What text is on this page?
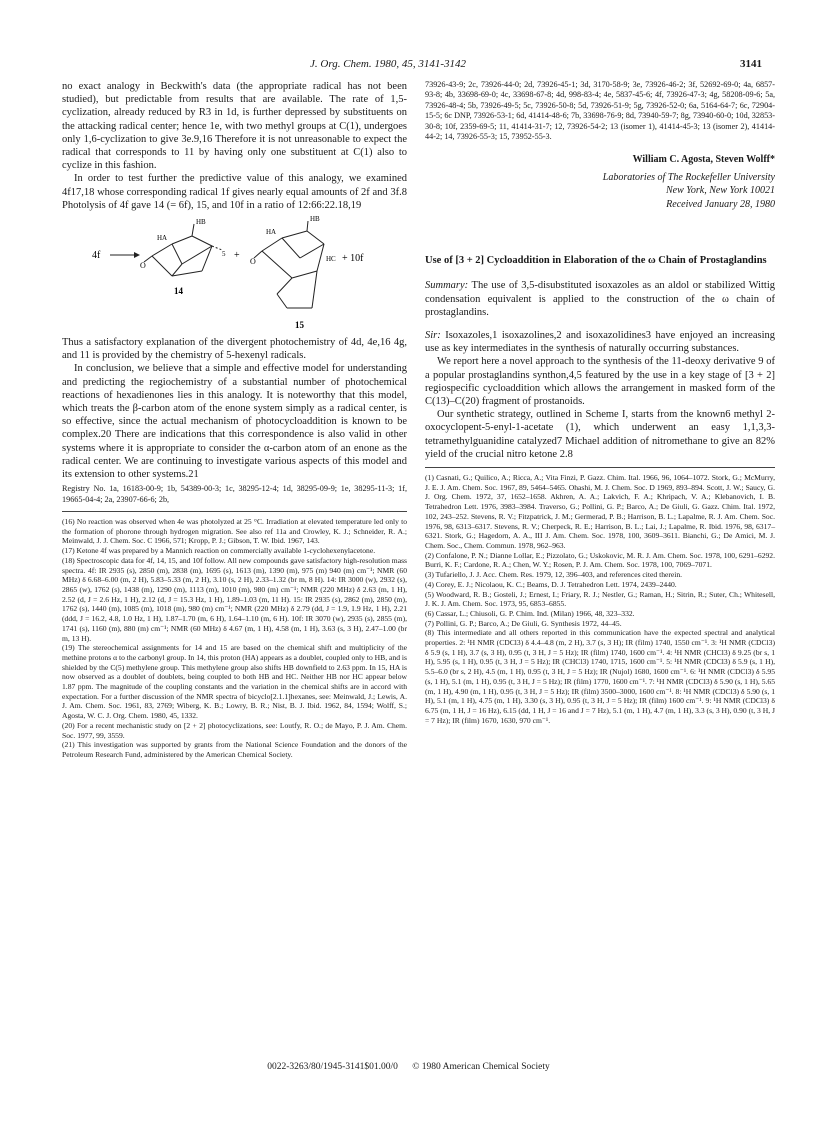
J. Org. Chem. 1980, 45, 3141-3142	3141

no exact analogy in Beckwith's data (the appropriate radical has not been studied), but predictable from results that are available. The rate of 1,5-cyclization, already reduced by R3 in 1d, is further depressed by substituents on the attacking radical center; hence 1e, with two methyl groups at C(1), undergoes only 1,6-cyclization to give 3e.9,16 Therefore it is not unreasonable to expect the radical that corresponds to 11 by having only one substituent at C(1) also to cyclize in this fashion.

In order to test further the predictive value of this analogy, we examined 4f17,18 whose corresponding radical 1f gives nearly equal amounts of 2f and 3f.8 Photolysis of 4f gave 14 (= 6f), 15, and 10f in a ratio of 12:66:22.18,19

4f
O
HA
HB
5
14
+
O
HA
HB
HC + 10f
15

Thus a satisfactory explanation of the divergent photochemistry of 4d, 4e,16 4g, and 11 is provided by the chemistry of 5-hexenyl radicals.

In conclusion, we believe that a simple and effective model for understanding and predicting the regiochemistry of a substantial number of photochemical reactions of hexadienones lies in this analogy. It is noteworthy that this model, which treats the β-carbon atom of the enone system simply as a radical center, is so effective, since the actual mechanism of photocycloaddition is known to be complex.20 There are indications that this correspondence is also valid in other systems where it is appropriate to consider the α-carbon atom of an enone as the radical center. We are continuing to investigate various aspects of this model and its extension to other systems.21

Registry No. 1a, 16183-00-9; 1b, 54389-00-3; 1c, 38295-12-4; 1d, 38295-09-9; 1e, 38295-11-3; 1f, 19665-04-4; 2a, 23907-66-6; 2b,

(16) No reaction was observed when 4e was photolyzed at 25 °C. Irradiation at elevated temperature led only to the formation of phorone through hydrogen migration. See also ref 11a and Crowley, K. J.; Schneider, R. A.; Meinwald, J. J. Chem. Soc. C 1966, 571; Kropp, P. J.; Gibson, T. W. Ibid. 1967, 143.

(17) Ketone 4f was prepared by a Mannich reaction on commercially available 1-cyclohexenylacetone.

(18) Spectroscopic data for 4f, 14, 15, and 10f follow. All new compounds gave satisfactory high-resolution mass spectra. 4f: IR 2935 (s), 2850 (m), 2838 (m), 1695 (s), 1613 (m), 1390 (m), 975 (m) 940 (m) cm⁻¹; NMR (60 MHz) δ 6.68–6.00 (m, 2 H), 5.83–5.33 (m, 2 H), 3.10 (s, 2 H), 2.33–1.32 (br m, 8 H). 14: IR 3000 (w), 2932 (s), 2865 (w), 1762 (s), 1438 (m), 1290 (m), 1113 (m), 1010 (m), 980 (m) cm⁻¹; NMR (220 MHz) δ 2.63 (m, 1 H), 2.52 (d, J = 2.6 Hz, 1 H), 2.12 (d, J = 15.3 Hz, 1 H), 1.89–1.03 (m, 11 H). 15: IR 2935 (s), 2862 (m), 2850 (m), 1762 (s), 1440 (m), 1085 (m), 1018 (m), 980 (m) cm⁻¹; NMR (220 MHz) δ 2.79 (dd, J = 1.9, 1.9 Hz, 1 H), 2.21 (ddd, J = 16.2, 4.8, 1.0 Hz, 1 H), 1.87–1.70 (m, 6 H), 1.64–1.10 (m, 6 H). 10f: IR 3070 (w), 2935 (s), 2855 (m), 1741 (s), 1160 (m), 880 (m) cm⁻¹; NMR (60 MHz) δ 4.67 (m, 1 H), 4.58 (m, 1 H), 3.63 (s, 3 H), 2.47–1.00 (br m, 13 H).

(19) The stereochemical assignments for 14 and 15 are based on the chemical shift and multiplicity of the methine protons α to the carbonyl group. In 14, this proton (HA) appears as a doublet, coupled only to HB, and is shielded by the C(5) methylene group. This methylene group also shifts HB downfield to 2.63 ppm. In 15, HA is now observed as a doublet of doublets, being coupled to both HB and HC. Neither HB nor HC appear below 1.87 ppm. The magnitude of the coupling constants and the variation in the chemical shifts are in accord with expectation. For a further discussion of the NMR spectra of bicyclo[2.1.1]hexanes, see: Meinwald, J.; Lewis, A. J. Am. Chem. Soc. 1961, 83, 2769; Wiberg, K. B.; Lowry, B. R.; Nist, B. J. Ibid. 1962, 84, 1594; Wolff, S.; Agosta, W. C. J. Org. Chem. 1980, 45, 1332.

(20) For a recent mechanistic study on [2 + 2] photocyclizations, see: Loutfy, R. O.; de Mayo, P. J. Am. Chem. Soc. 1977, 99, 3559.

(21) This investigation was supported by grants from the National Science Foundation and the donors of the Petroleum Research Fund, administered by the American Chemical Society.

73926-43-9; 2c, 73926-44-0; 2d, 73926-45-1; 3d, 3170-58-9; 3e, 73926-46-2; 3f, 52692-69-0; 4a, 6857-93-8; 4b, 33698-69-0; 4c, 33698-67-8; 4d, 998-83-4; 4e, 5837-45-6; 4f, 73926-47-3; 4g, 58208-09-6; 5a, 73926-48-4; 5b, 73926-49-5; 5c, 73926-50-8; 5d, 73926-51-9; 5g, 73926-52-0; 6a, 5164-64-7; 6c, 72904-15-5; 6c DNP, 73926-53-1; 6d, 41414-48-6; 7b, 33698-76-9; 8d, 73940-59-7; 8g, 73940-60-0; 10d, 32853-30-8; 10f, 2359-69-5; 11, 41414-31-7; 12, 73926-54-2; 13 (isomer 1), 41414-45-3; 13 (isomer 2), 41414-44-2; 14, 73926-55-3; 15, 73952-55-3.

William C. Agosta, Steven Wolff*
Laboratories of The Rockefeller University
New York, New York 10021
Received January 28, 1980
Use of [3 + 2] Cycloaddition in Elaboration of the ω Chain of Prostaglandins

Summary: The use of 3,5-disubstituted isoxazoles as an aldol or stabilized Wittig condensation equivalent is applied to the construction of the ω chain of prostaglandins.

Sir: Isoxazoles,1 isoxazolines,2 and isoxazolidines3 have enjoyed an increasing use as key intermediates in the synthesis of naturally occurring substances.

We report here a novel approach to the synthesis of the 11-deoxy derivative 9 of a popular prostaglandins synthon,4,5 featured by the use in a key stage of [3 + 2] regiospecific cycloaddition which allows the arrangement in masked form of the C(13)–C(20) fragment of prostanoids.

Our synthetic strategy, outlined in Scheme I, starts from the known6 methyl 2-oxocyclopent-5-enyl-1-acetate (1), which underwent an easy 1,1,3,3-tetramethylguanidine catalyzed7 Michael addition of nitromethane to give an 82% yield of the crucial nitro ketone 2.8

(1) Casnati, G.; Quilico, A.; Ricca, A.; Vita Finzi, P. Gazz. Chim. Ital. 1966, 96, 1064–1072. Stork, G.; McMurry, J. E. J. Am. Chem. Soc. 1967, 89, 5464–5465. Ohashi, M. J. Chem. Soc. D 1969, 893–894. Scott, J. W.; Saucy, G. J. Org. Chem. 1972, 37, 1652–1658. Akhren, A. A.; Lakvich, F. A.; Khripach, V. A.; Klebanovich, I. B. Tetrahedron Lett. 1976, 3983–3984. Traverso, G.; Pollini, G. P.; Barco, A.; De Giuli, G. Gazz. Chim. Ital. 1972, 102, 243–252. Stevens, R. V.; Fitzpatrick, J. M.; Germerad, P. B.; Harrison, B. L.; Lapalme, R. J. Am. Chem. Soc. 1976, 98, 6313–6317. Stevens, R. V.; Cherpeck, R. E.; Harrison, B. L.; Lai, J.; Lapalme, R. Ibid. 1976, 98, 6317–6321. Stork, G.; Hagedorn, A. A., III J. Am. Chem. Soc. 1978, 100, 3609–3611. Bianchi, G.; De Amici, M. J. Chem. Soc., Chem. Commun. 1978, 962–963.

(2) Confalone, P. N.; Dianne Lollar, E.; Pizzolato, G.; Uskokovic, M. R. J. Am. Chem. Soc. 1978, 100, 6291–6292. Burri, K. F.; Cardone, R. A.; Chen, W. Y.; Rosen, P. J. Am. Chem. Soc. 1978, 100, 7069–7071.

(3) Tufariello, J. J. Acc. Chem. Res. 1979, 12, 396–403, and references cited therein.

(4) Corey, E. J.; Nicolaou, K. C.; Beams, D. J. Tetrahedron Lett. 1974, 2439–2440.

(5) Woodward, R. B.; Gosteli, J.; Ernest, I.; Friary, R. J.; Nestler, G.; Raman, H.; Sitrin, R.; Suter, Ch.; Whitesell, J. K. J. Am. Chem. Soc. 1973, 95, 6853–6855.

(6) Cassar, L.; Chiusoli, G. P. Chim. Ind. (Milan) 1966, 48, 323–332.

(7) Pollini, G. P.; Barco, A.; De Giuli, G. Synthesis 1972, 44–45.

(8) This intermediate and all others reported in this communication have the expected spectral and analytical properties. 2: ¹H NMR (CDCl3) δ 4.4–4.8 (m, 2 H), 3.7 (s, 3 H); IR (film) 1740, 1550 cm⁻¹. 3: ¹H NMR (CDCl3) δ 5.9 (s, 1 H), 3.7 (s, 3 H), 0.95 (t, 3 H, J = 5 Hz); IR (film) 1740, 1600 cm⁻¹. 4: ¹H NMR (CHCl3) δ 9.25 (br s, 1 H), 5.95 (s, 1 H), 0.95 (t, 3 H, J = 5 Hz); IR (CHCl3) 1740, 1715, 1600 cm⁻¹. 5: ¹H NMR (CDCl3) δ 5.9 (s, 1 H), 5.5–6.0 (br s, 2 H), 4.5 (m, 1 H), 0.95 (t, 3 H, J = 5 Hz); IR (Nujol) 1680, 1600 cm⁻¹. 6: ¹H NMR (CDCl3) δ 5.95 (s, 1 H), 5.1 (m, 1 H), 0.95 (t, 3 H, J = 5 Hz); IR (film) 1770, 1600 cm⁻¹. 7: ¹H NMR (CDCl3) δ 5.90 (s, 1 H), 5.65 (m, 1 H), 4.90 (m, 1 H), 0.95 (t, 3 H, J = 5 Hz); IR (film) 3500–3000, 1600 cm⁻¹. 8: ¹H NMR (CDCl3) δ 5.90 (s, 1 H), 5.1 (m, 1 H), 4.75 (m, 1 H), 3.30 (s, 3 H), 0.95 (t, 3 H, J = 5 Hz); IR (film) 1600 cm⁻¹. 9: ¹H NMR (CDCl3) δ 6.75 (m, 1 H, J = 16 Hz), 6.15 (dd, 1 H, J = 16 and J = 7 Hz), 5.1 (m, 1 H), 4.7 (m, 1 H), 3.3 (s, 3 H), 0.90 (t, 3 H, J = 7 Hz); IR (film) 1670, 1630, 970 cm⁻¹.

0022-3263/80/1945-3141$01.00/0 © 1980 American Chemical Society
